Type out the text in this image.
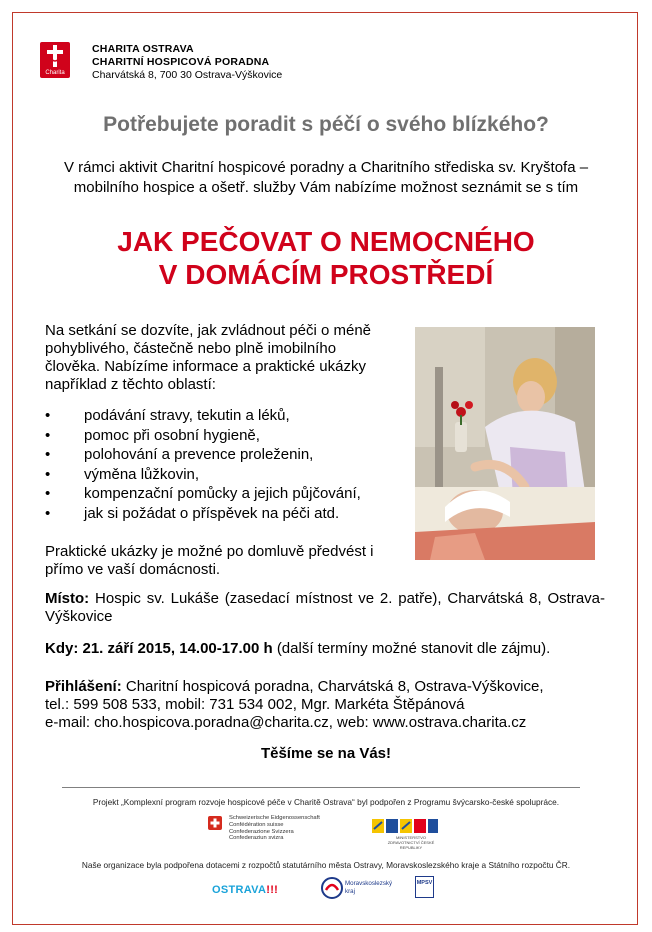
Charita
CHARITA OSTRAVA
CHARITNÍ HOSPICOVÁ PORADNA
Charvátská 8, 700 30 Ostrava-Výškovice
Potřebujete poradit s péčí o svého blízkého?
V rámci aktivit Charitní hospicové poradny a Charitního střediska sv. Kryštofa – mobilního hospice a ošetř. služby Vám nabízíme možnost seznámit se s tím
JAK PEČOVAT O NEMOCNÉHO
V DOMÁCÍM PROSTŘEDÍ
Na setkání se dozvíte, jak zvládnout péči o méně pohyblivého, částečně nebo plně imobilního člověka. Nabízíme informace a praktické ukázky například z těchto oblastí:
• podávání stravy, tekutin a léků,
• pomoc při osobní hygieně,
• polohování a prevence proleženin,
• výměna lůžkovin,
• kompenzační pomůcky a jejich půjčování,
• jak si požádat o příspěvek na péči atd.
Praktické ukázky je možné po domluvě předvést i přímo ve vaší domácnosti.
Místo: Hospic sv. Lukáše (zasedací místnost ve 2. patře), Charvátská 8, Ostrava-Výškovice
Kdy: 21. září 2015, 14.00-17.00 h (další termíny možné stanovit dle zájmu).
Přihlášení: Charitní hospicová poradna, Charvátská 8, Ostrava-Výškovice,
tel.: 599 508 533, mobil: 731 534 002, Mgr. Markéta Štěpánová
e-mail: cho.hospicova.poradna@charita.cz, web: www.ostrava.charita.cz
Těšíme se na Vás!
Projekt „Komplexní program rozvoje hospicové péče v Charitě Ostrava“ byl podpořen z Programu švýcarsko-české spolupráce.
Schweizerische Eidgenossenschaft
Confédération suisse
Confederazione Svizzera
Confederaziun svizra	MINISTERSTVO ZDRAVOTNICTVÍ ČESKÉ REPUBLIKY
Naše organizace byla podpořena dotacemi z rozpočtů statutárního města Ostravy, Moravskoslezského kraje a Státního rozpočtu ČR.
OSTRAVA!!!
Moravskoslezský
kraj
MPSV
